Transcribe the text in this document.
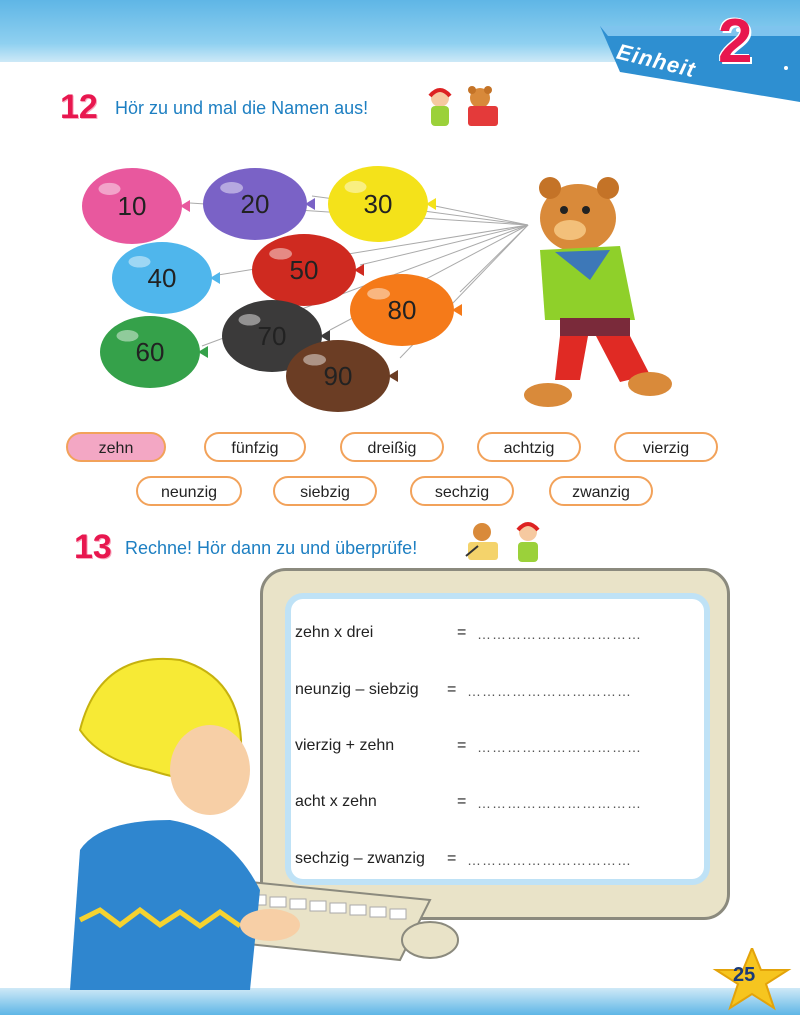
Einheit 2
12 Hör zu und mal die Namen aus!
10	20	30
40	50
60
70
80
90
zehn	fünfzig	dreißig	achtzig	vierzig
neunzig	siebzig	sechzig	zwanzig
13 Rechne! Hör dann zu und überprüfe!
zehn x drei	= ……………………………
neunzig – siebzig = ……………………………
vierzig + zehn	= ……………………………
acht x zehn	= ……………………………
sechzig – zwanzig = ……………………………
25
